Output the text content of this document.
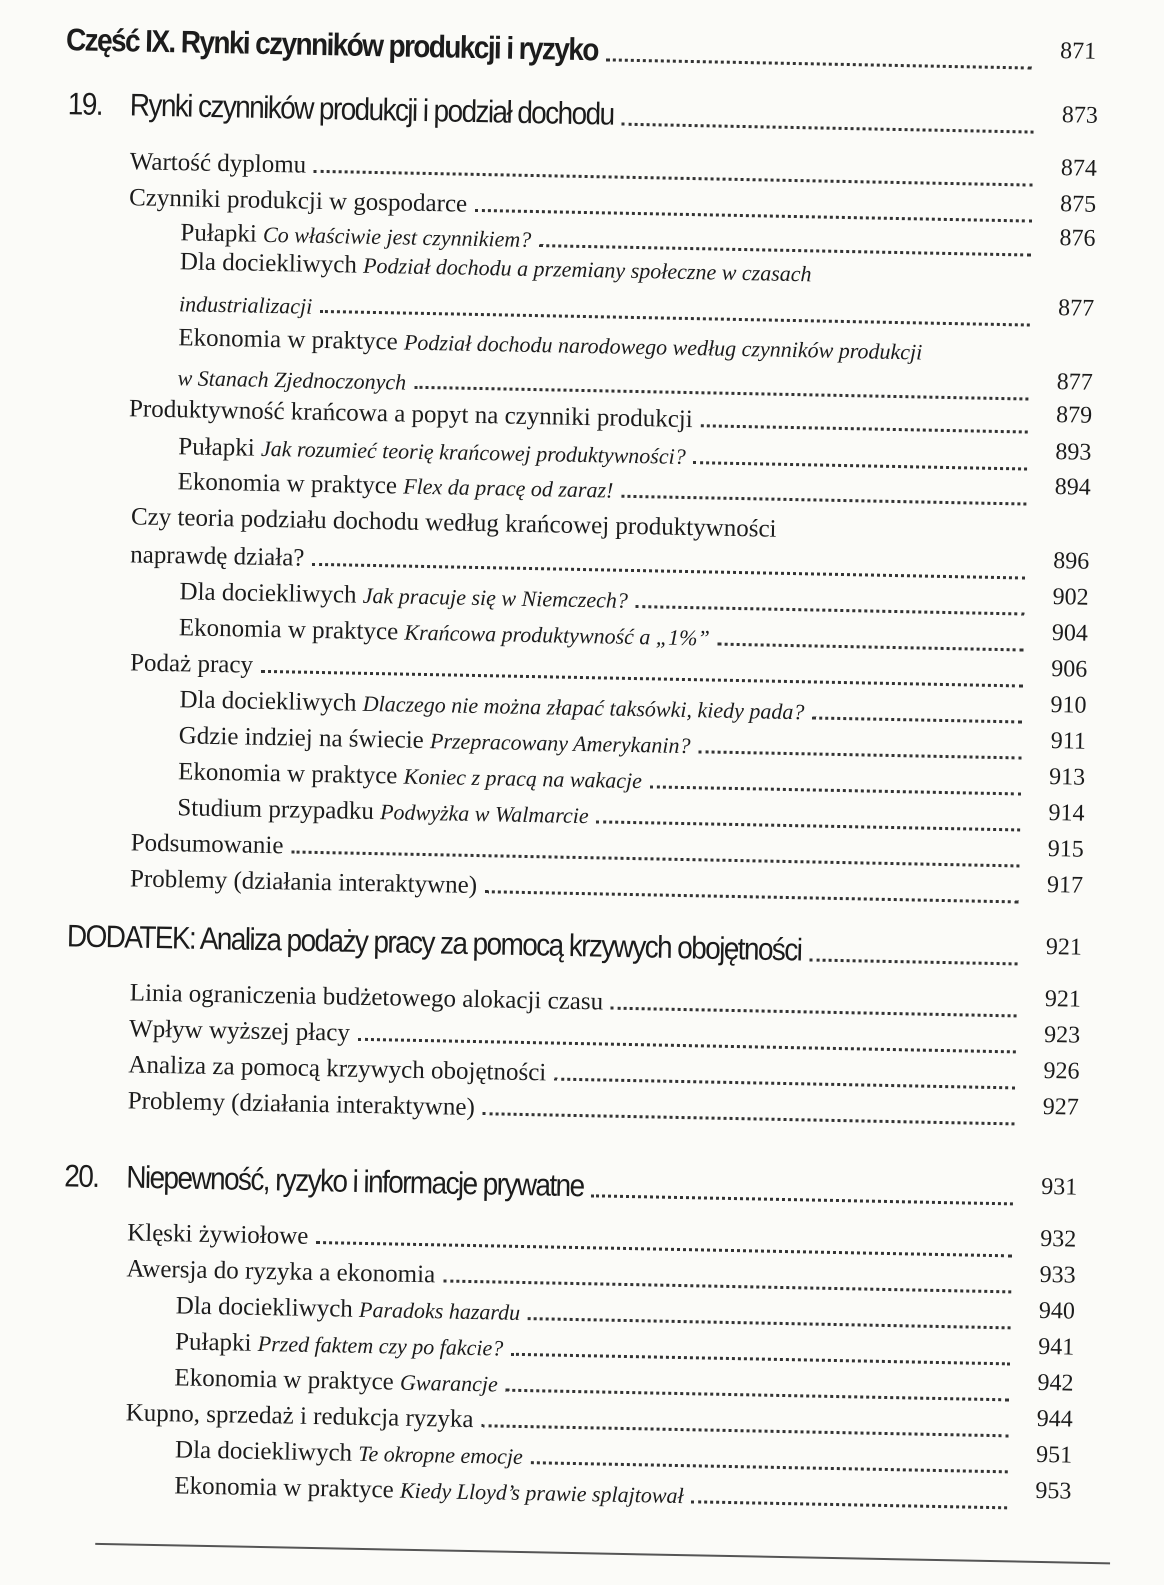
Część IX. Rynki czynników produkcji i ryzyko	871
19. Rynki czynników produkcji i podział dochodu	873
Wartość dyplomu	874
Czynniki produkcji w gospodarce	875
Pułapki Co właściwie jest czynnikiem?	876
Dla dociekliwych Podział dochodu a przemiany społeczne w czasach
industrializacji	877
Ekonomia w praktyce Podział dochodu narodowego według czynników produkcji
w Stanach Zjednoczonych	877
Produktywność krańcowa a popyt na czynniki produkcji	879
Pułapki Jak rozumieć teorię krańcowej produktywności?	893
Ekonomia w praktyce Flex da pracę od zaraz!	894
Czy teoria podziału dochodu według krańcowej produktywności
naprawdę działa?	896
Dla dociekliwych Jak pracuje się w Niemczech?	902
Ekonomia w praktyce Krańcowa produktywność a „1%”	904
Podaż pracy	906
Dla dociekliwych Dlaczego nie można złapać taksówki, kiedy pada?	910
Gdzie indziej na świecie Przepracowany Amerykanin?	911
Ekonomia w praktyce Koniec z pracą na wakacje	913
Studium przypadku Podwyżka w Walmarcie	914
Podsumowanie	915
Problemy (działania interaktywne)	917
DODATEK: Analiza podaży pracy za pomocą krzywych obojętności	921
Linia ograniczenia budżetowego alokacji czasu	921
Wpływ wyższej płacy	923
Analiza za pomocą krzywych obojętności	926
Problemy (działania interaktywne)	927
20. Niepewność, ryzyko i informacje prywatne	931
Klęski żywiołowe	932
Awersja do ryzyka a ekonomia	933
Dla dociekliwych Paradoks hazardu	940
Pułapki Przed faktem czy po fakcie?	941
Ekonomia w praktyce Gwarancje	942
Kupno, sprzedaż i redukcja ryzyka	944
Dla dociekliwych Te okropne emocje	951
Ekonomia w praktyce Kiedy Lloyd’s prawie splajtował	953
